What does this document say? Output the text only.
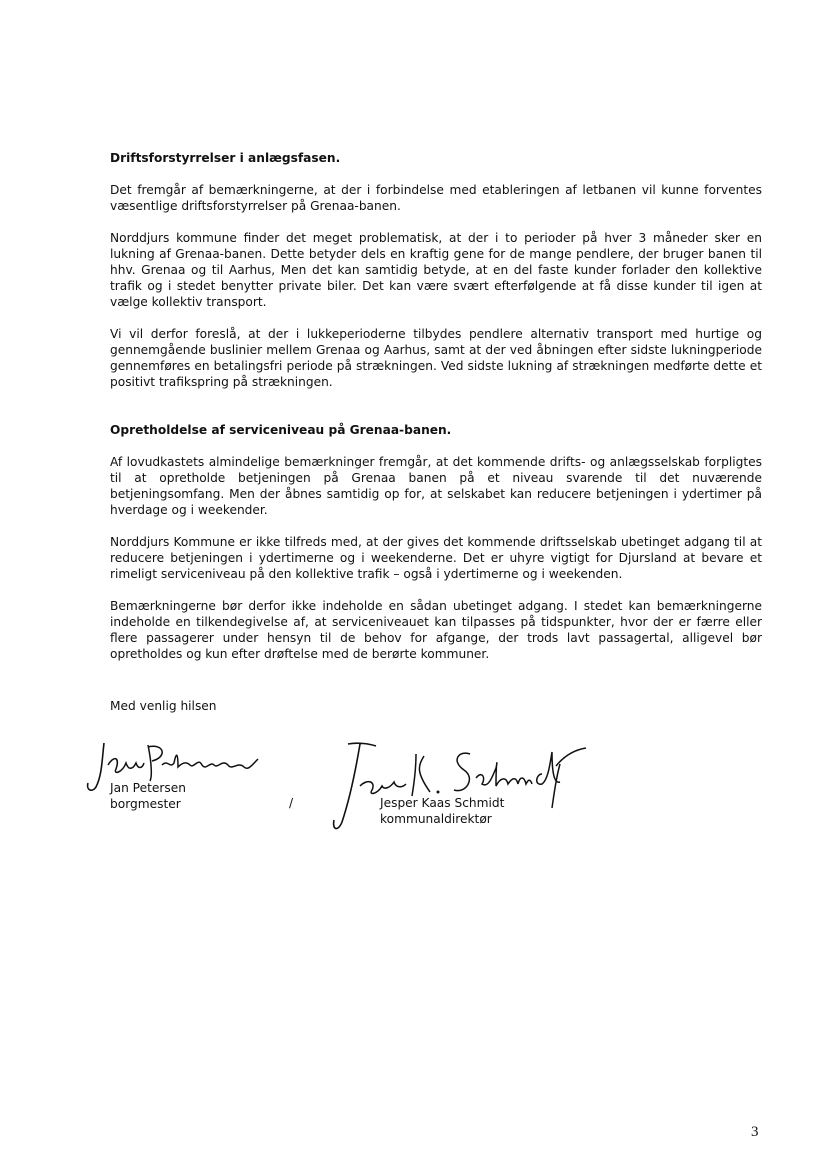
Driftsforstyrrelser i anlægsfasen.

Det fremgår af bemærkningerne, at der i forbindelse med etableringen af letbanen vil kunne forventes væsentlige driftsforstyrrelser på Grenaa-banen.

Norddjurs kommune finder det meget problematisk, at der i to perioder på hver 3 måneder sker en lukning af Grenaa-banen. Dette betyder dels en kraftig gene for de mange pendlere, der bruger banen til hhv. Grenaa og til Aarhus, Men det kan samtidig betyde, at en del faste kunder forlader den kollektive trafik og i stedet benytter private biler. Det kan være svært efterfølgende at få disse kunder til igen at vælge kollektiv transport.

Vi vil derfor foreslå, at der i lukkeperioderne tilbydes pendlere alternativ transport med hurtige og gennemgående buslinier mellem Grenaa og Aarhus, samt at der ved åbningen efter sidste lukningperiode gennemføres en betalingsfri periode på strækningen. Ved sidste lukning af strækningen medførte dette et positivt trafikspring på strækningen.

Opretholdelse af serviceniveau på Grenaa-banen.

Af lovudkastets almindelige bemærkninger fremgår, at det kommende drifts- og anlægsselskab forpligtes til at opretholde betjeningen på Grenaa banen på et niveau svarende til det nuværende betjeningsomfang. Men der åbnes samtidig op for, at selskabet kan reducere betjeningen i ydertimer på hverdage og i weekender.

Norddjurs Kommune er ikke tilfreds med, at der gives det kommende driftsselskab ubetinget adgang til at reducere betjeningen i ydertimerne og i weekenderne. Det er uhyre vigtigt for Djursland at bevare et rimeligt serviceniveau på den kollektive trafik – også i ydertimerne og i weekenden.

Bemærkningerne bør derfor ikke indeholde en sådan ubetinget adgang. I stedet kan bemærkningerne indeholde en tilkendegivelse af, at serviceniveauet kan tilpasses på tidspunkter, hvor der er færre eller flere passagerer under hensyn til de behov for afgange, der trods lavt passagertal, alligevel bør opretholdes og kun efter drøftelse med de berørte kommuner.

Med venlig hilsen
Jan Petersen
borgmester	/	Jesper Kaas Schmidt
kommunaldirektør
3
